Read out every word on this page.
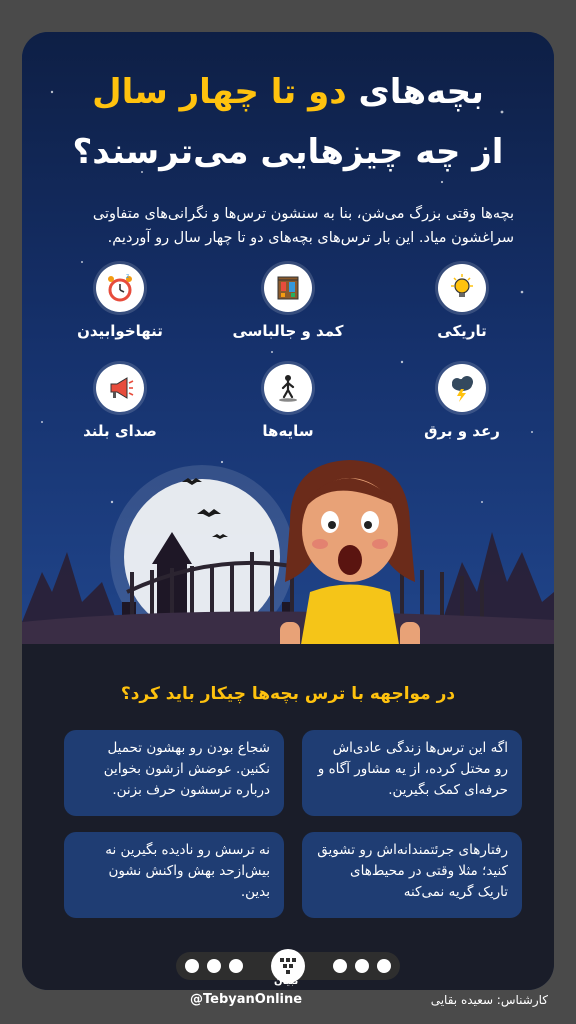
بچه‌های دو تا چهار سال
از چه چیزهایی می‌ترسند؟
بچه‌ها وقتی بزرگ می‌شن، بنا به سنشون ترس‌ها و نگرانی‌های متفاوتی سراغشون میاد. این بار ترس‌های بچه‌های دو تا چهار سال رو آوردیم.
تاریکی
کمد و جالباسی
z
تنهاخوابیدن
رعد و برق
سایه‌ها
صدای بلند
در مواجهه با ترس بچه‌ها چیکار باید کرد؟
اگه این ترس‌ها زندگی عادی‌اش رو مختل کرده، از یه مشاور آگاه و حرفه‌ای کمک بگیرین.
شجاع بودن رو بهشون تحمیل نکنین. عوضش ازشون بخواین درباره ترسشون حرف بزنن.
رفتارهای جرئتمندانه‌اش رو تشویق کنید؛ مثلا وقتی در محیط‌های تاریک گریه نمی‌کنه
نه ترسش رو نادیده بگیرین نه بیش‌ازحد بهش واکنش نشون بدین.
تبیان
@TebyanOnline	کارشناس: سعیده بقایی
